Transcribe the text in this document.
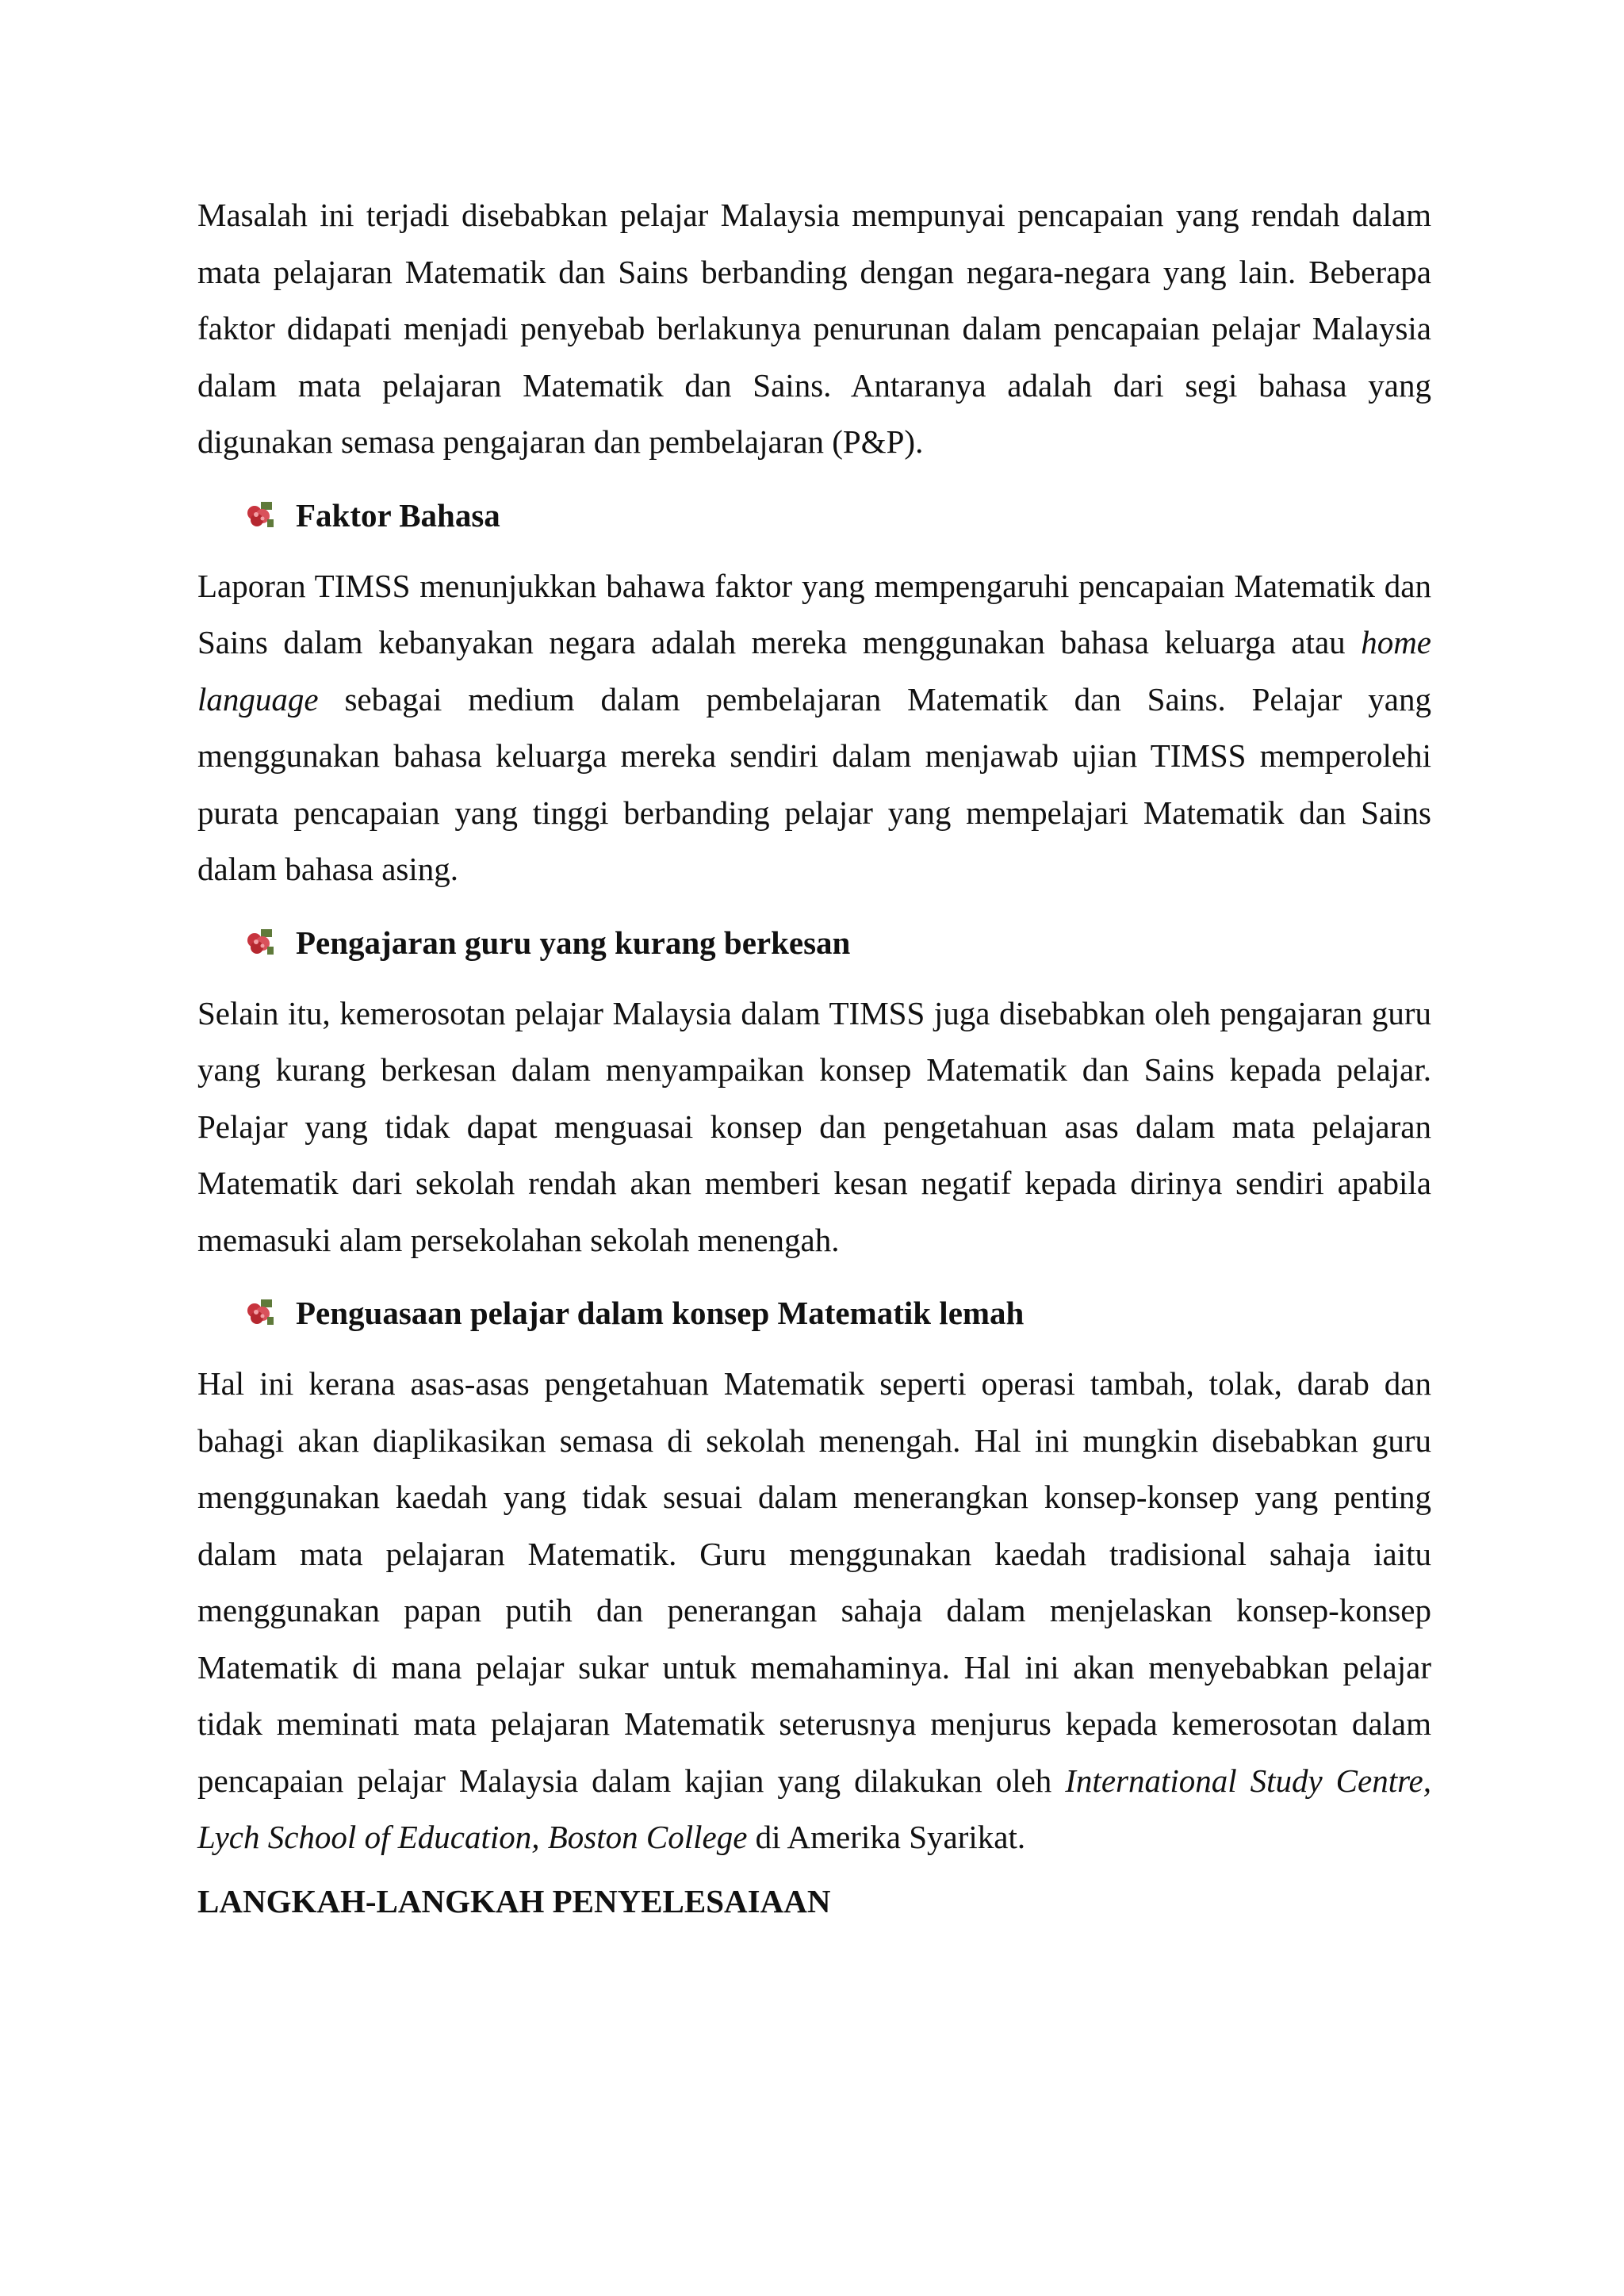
Masalah ini terjadi disebabkan pelajar Malaysia mempunyai pencapaian yang rendah dalam mata pelajaran Matematik dan Sains berbanding dengan negara-negara yang lain. Beberapa faktor didapati menjadi penyebab berlakunya penurunan dalam pencapaian pelajar Malaysia dalam mata pelajaran Matematik dan Sains. Antaranya adalah dari segi bahasa yang digunakan semasa pengajaran dan pembelajaran (P&P).

Faktor Bahasa

Laporan TIMSS menunjukkan bahawa faktor yang mempengaruhi pencapaian Matematik dan Sains dalam kebanyakan negara adalah mereka menggunakan bahasa keluarga atau home language sebagai medium dalam pembelajaran Matematik dan Sains. Pelajar yang menggunakan bahasa keluarga mereka sendiri dalam menjawab ujian TIMSS memperolehi purata pencapaian yang tinggi berbanding pelajar yang mempelajari Matematik dan Sains dalam bahasa asing.

Pengajaran guru yang kurang berkesan

Selain itu, kemerosotan pelajar Malaysia dalam TIMSS juga disebabkan oleh pengajaran guru yang kurang berkesan dalam menyampaikan konsep Matematik dan Sains kepada pelajar. Pelajar yang tidak dapat menguasai konsep dan pengetahuan asas dalam mata pelajaran Matematik dari sekolah rendah akan memberi kesan negatif kepada dirinya sendiri apabila memasuki alam persekolahan sekolah menengah.

Penguasaan pelajar dalam konsep Matematik lemah

Hal ini kerana asas-asas pengetahuan Matematik seperti operasi tambah, tolak, darab dan bahagi akan diaplikasikan semasa di sekolah menengah. Hal ini mungkin disebabkan guru menggunakan kaedah yang tidak sesuai dalam menerangkan konsep-konsep yang penting dalam mata pelajaran Matematik. Guru menggunakan kaedah tradisional sahaja iaitu menggunakan papan putih dan penerangan sahaja dalam menjelaskan konsep-konsep Matematik di mana pelajar sukar untuk memahaminya. Hal ini akan menyebabkan pelajar tidak meminati mata pelajaran Matematik seterusnya menjurus kepada kemerosotan dalam pencapaian pelajar Malaysia dalam kajian yang dilakukan oleh International Study Centre, Lych School of Education, Boston College di Amerika Syarikat.

LANGKAH-LANGKAH PENYELESAIAAN
